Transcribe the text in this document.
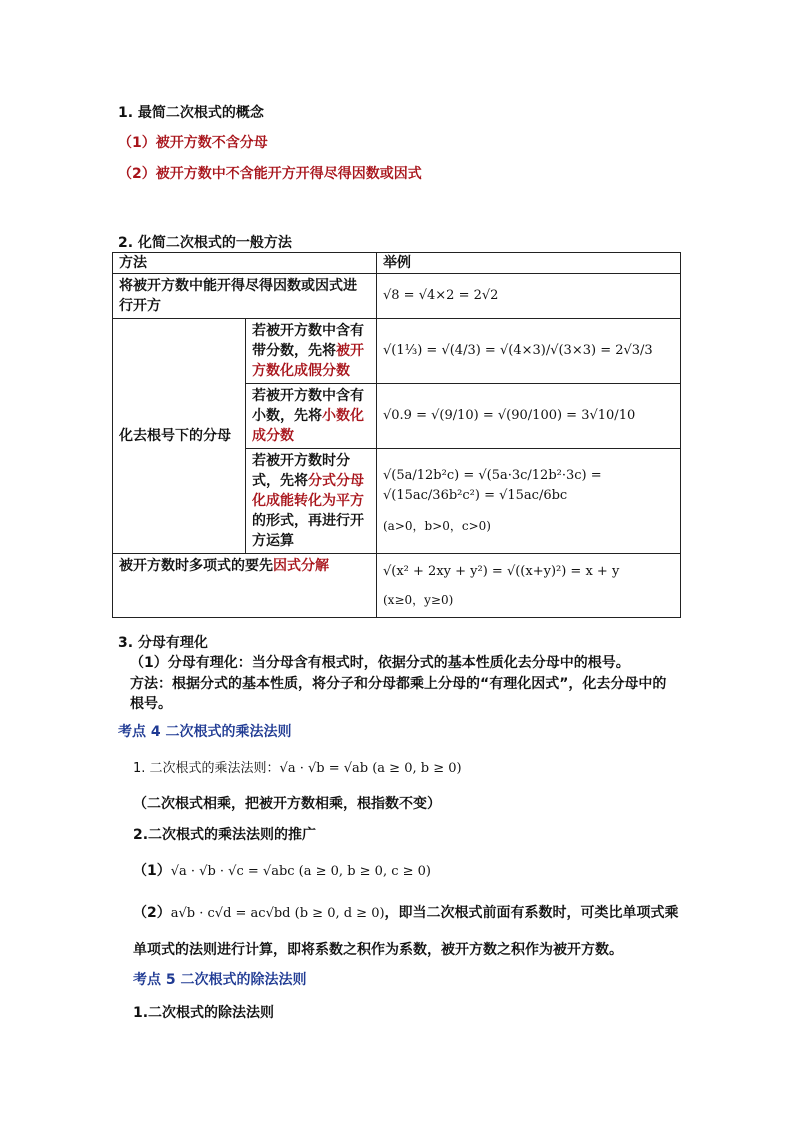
1. 最简二次根式的概念
（1）被开方数不含分母
（2）被开方数中不含能开方开得尽得因数或因式
2. 化简二次根式的一般方法
方法		举例
将被开方数中能开得尽得因数或因式进行开方		√8 = √4×2 = 2√2
化去根号下的分母	若被开方数中含有带分数，先将被开方数化成假分数	√(1⅓) = √(4/3) = √(4×3)/√(3×3) = 2√3/3
	若被开方数中含有小数，先将小数化成分数	√0.9 = √(9/10) = √(90/100) = 3√10/10
	若被开方数时分式，先将分式分母化成能转化为平方的形式，再进行开方运算	√(5a/12b²c) = √(5a·3c/12b²·3c) = √(15ac/36b²c²) = √15ac/6bc
(a>0，b>0，c>0)

被开方数时多项式的要先因式分解		√(x² + 2xy + y²) = √((x+y)²) = x + y
(x≥0，y≥0)
3. 分母有理化
（1）分母有理化：当分母含有根式时，依据分式的基本性质化去分母中的根号。
方法：根据分式的基本性质，将分子和分母都乘上分母的“有理化因式”，化去分母中的
根号。
考点 4 二次根式的乘法法则
1. 二次根式的乘法法则：√a · √b = √ab (a ≥ 0, b ≥ 0)
（二次根式相乘，把被开方数相乘，根指数不变）
2.二次根式的乘法法则的推广
（1）√a · √b · √c = √abc (a ≥ 0, b ≥ 0, c ≥ 0)
（2）a√b · c√d = ac√bd (b ≥ 0, d ≥ 0)，即当二次根式前面有系数时，可类比单项式乘
单项式的法则进行计算，即将系数之积作为系数，被开方数之积作为被开方数。
考点 5 二次根式的除法法则
1.二次根式的除法法则
